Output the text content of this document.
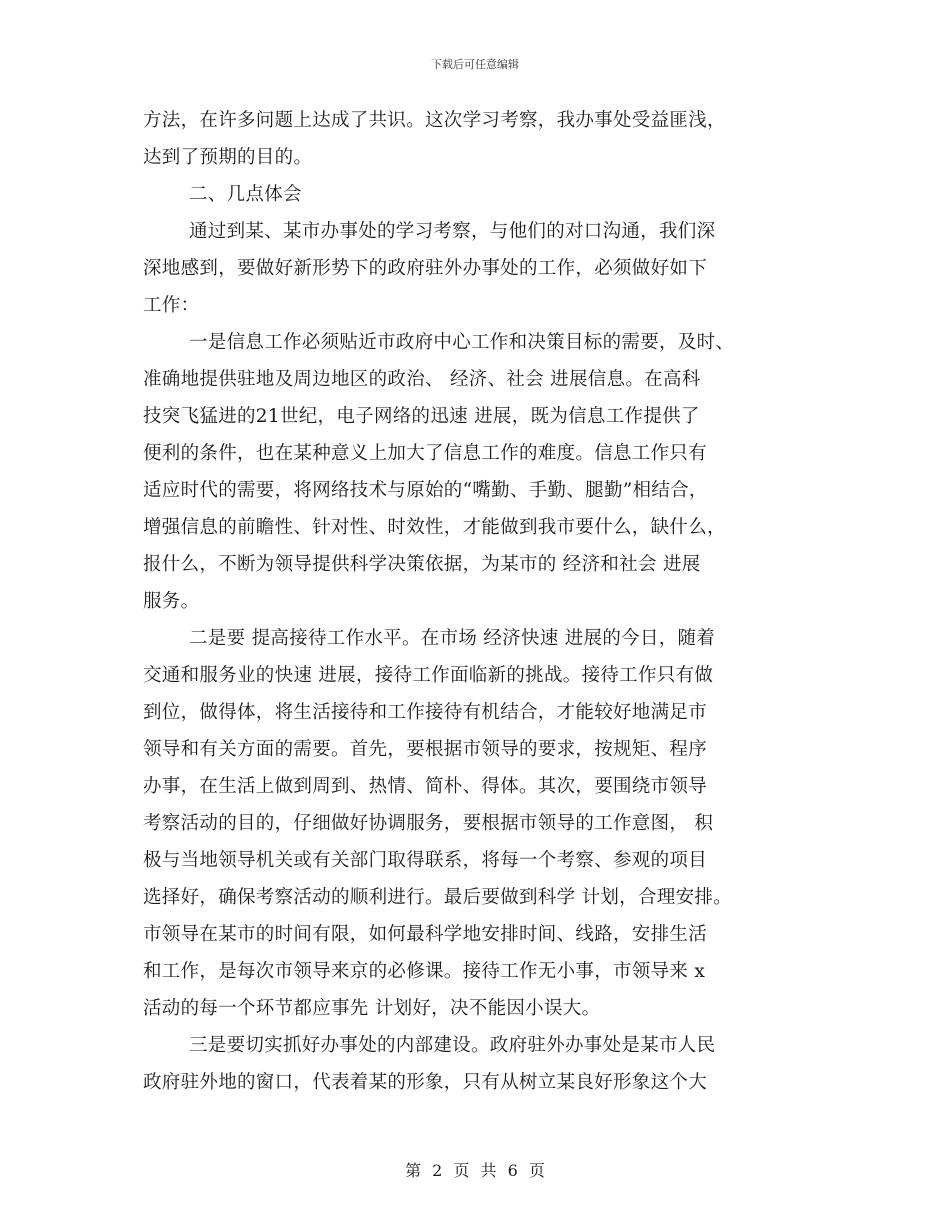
下载后可任意编辑
方法，在许多问题上达成了共识。这次学习考察，我办事处受益匪浅，
达到了预期的目的。
二、几点体会
通过到某、某市办事处的学习考察，与他们的对口沟通，我们深
深地感到，要做好新形势下的政府驻外办事处的工作，必须做好如下
工作：
一是信息工作必须贴近市政府中心工作和决策目标的需要，及时、
准确地提供驻地及周边地区的政治、 经济、社会 进展信息。在高科
技突飞猛进的21世纪，电子网络的迅速 进展，既为信息工作提供了
便利的条件，也在某种意义上加大了信息工作的难度。信息工作只有
适应时代的需要，将网络技术与原始的“嘴勤、手勤、腿勤”相结合，
增强信息的前瞻性、针对性、时效性，才能做到我市要什么，缺什么，
报什么，不断为领导提供科学决策依据，为某市的 经济和社会 进展
服务。
二是要 提高接待工作水平。在市场 经济快速 进展的今日，随着
交通和服务业的快速 进展，接待工作面临新的挑战。接待工作只有做
到位，做得体，将生活接待和工作接待有机结合，才能较好地满足市
领导和有关方面的需要。首先，要根据市领导的要求，按规矩、程序
办事，在生活上做到周到、热情、简朴、得体。其次，要围绕市领导
考察活动的目的，仔细做好协调服务，要根据市领导的工作意图， 积
极与当地领导机关或有关部门取得联系，将每一个考察、参观的项目
选择好，确保考察活动的顺利进行。最后要做到科学 计划，合理安排。
市领导在某市的时间有限，如何最科学地安排时间、线路，安排生活
和工作，是每次市领导来京的必修课。接待工作无小事，市领导来 x
活动的每一个环节都应事先 计划好，决不能因小误大。
三是要切实抓好办事处的内部建设。政府驻外办事处是某市人民
政府驻外地的窗口，代表着某的形象，只有从树立某良好形象这个大
第 2 页 共 6 页
